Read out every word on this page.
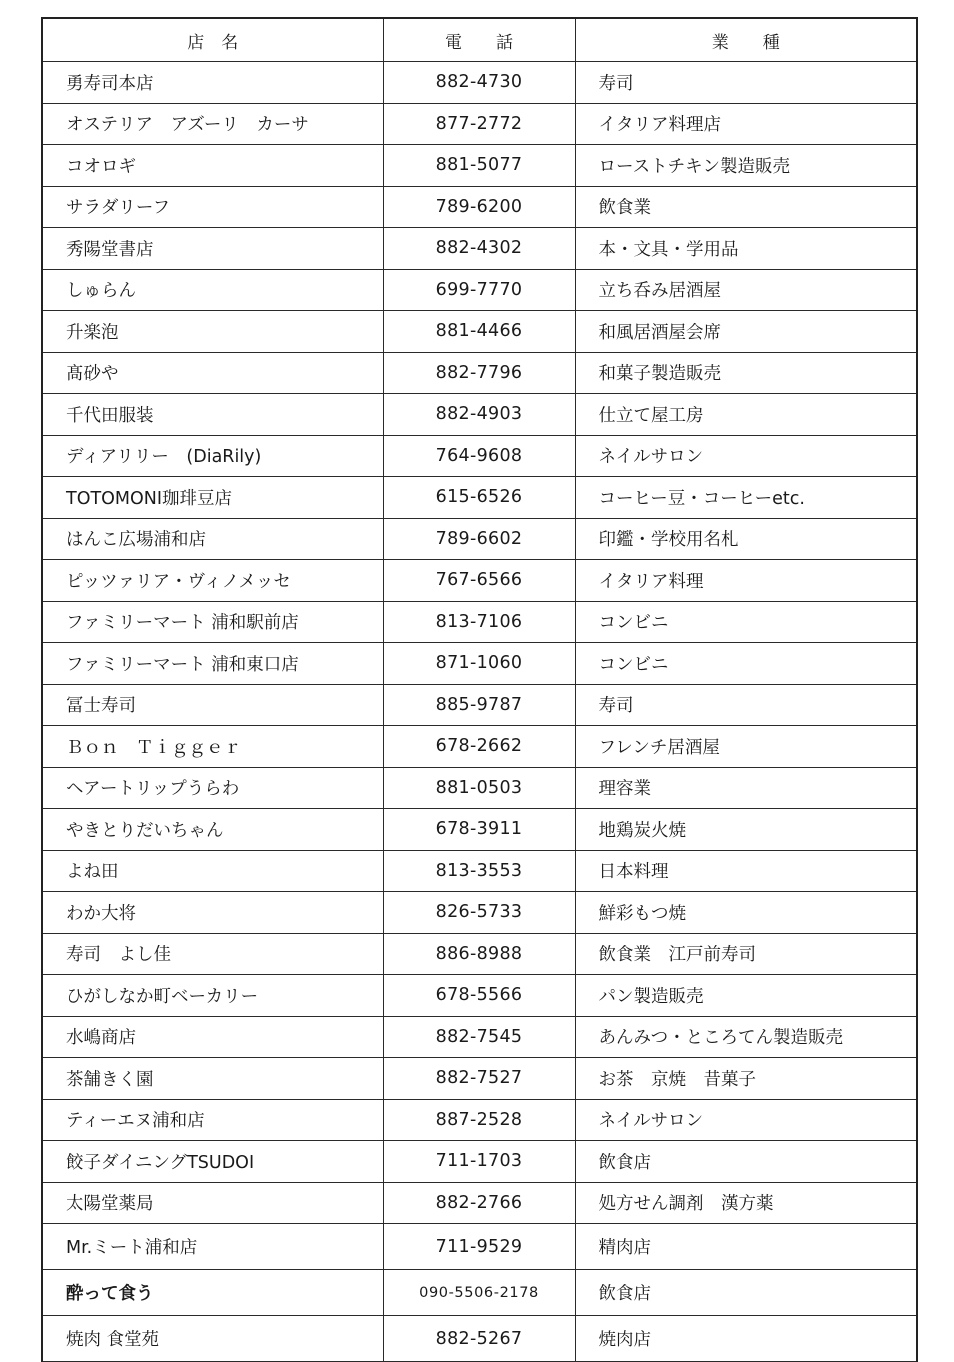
店　名	電　　話	業　　種
勇寿司本店	882-4730	寿司
オステリア　アズーリ　カーサ	877-2772	イタリア料理店
コオロギ	881-5077	ローストチキン製造販売
サラダリーフ	789-6200	飲食業
秀陽堂書店	882-4302	本・文具・学用品
しゅらん	699-7770	立ち呑み居酒屋
升楽泡	881-4466	和風居酒屋会席
髙砂や	882-7796	和菓子製造販売
千代田服装	882-4903	仕立て屋工房
ディアリリー　(DiaRily)	764-9608	ネイルサロン
TOTOMONI珈琲豆店	615-6526	コーヒー豆・コーヒーetc.
はんこ広場浦和店	789-6602	印鑑・学校用名札
ピッツァリア・ヴィノメッセ	767-6566	イタリア料理
ファミリーマート 浦和駅前店	813-7106	コンビニ
ファミリーマート 浦和東口店	871-1060	コンビニ
冨士寿司	885-9787	寿司
Ｂｏｎ　Ｔｉｇｇｅｒ	678-2662	フレンチ居酒屋
ヘアートリップうらわ	881-0503	理容業
やきとりだいちゃん	678-3911	地鶏炭火焼
よね田	813-3553	日本料理
わか大将	826-5733	鮮彩もつ焼
寿司　よし佳	886-8988	飲食業　江戸前寿司
ひがしなか町ベーカリー	678-5566	パン製造販売
水嶋商店	882-7545	あんみつ・ところてん製造販売
茶舗きく園	882-7527	お茶　京焼　昔菓子
ティーエヌ浦和店	887-2528	ネイルサロン
餃子ダイニングTSUDOI	711-1703	飲食店
太陽堂薬局	882-2766	処方せん調剤　漢方薬
Mr.ミート浦和店	711-9529	精肉店
酔って食う	090-5506-2178	飲食店
焼肉 食堂苑	882-5267	焼肉店
